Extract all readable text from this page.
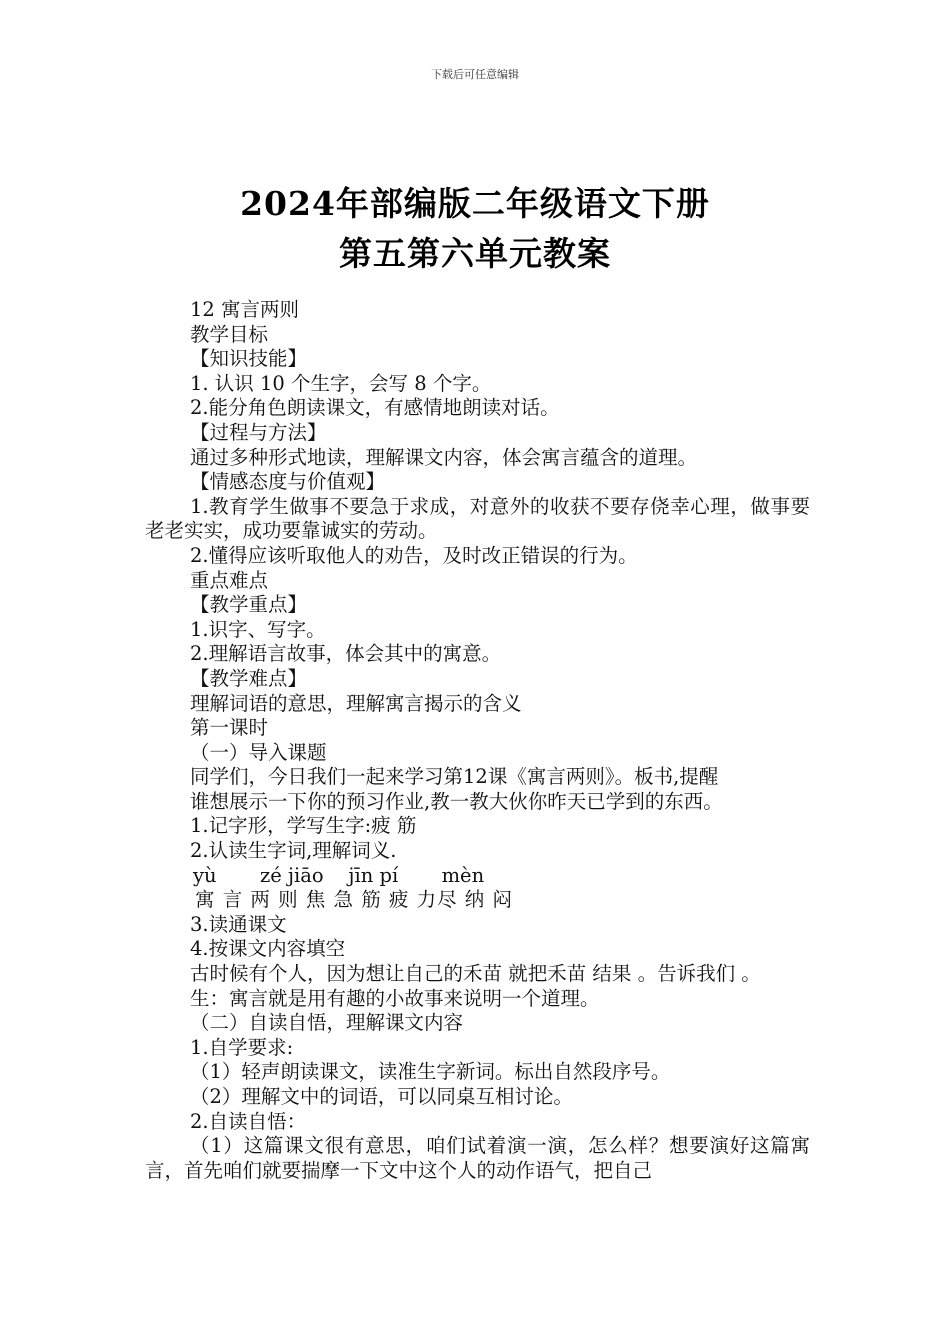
下载后可任意编辑
2024年部编版二年级语文下册
第五第六单元教案
12 寓言两则
教学目标
【知识技能】
1. 认识 10 个生字，会写 8 个字。
2.能分角色朗读课文，有感情地朗读对话。
【过程与方法】
通过多种形式地读，理解课文内容，体会寓言蕴含的道理。
【情感态度与价值观】
1.教育学生做事不要急于求成，对意外的收获不要存侥幸心理，做事要老老实实，成功要靠诚实的劳动。
2.懂得应该听取他人的劝告，及时改正错误的行为。
重点难点
【教学重点】
1.识字、写字。
2.理解语言故事，体会其中的寓意。
【教学难点】
理解词语的意思，理解寓言揭示的含义
第一课时
（一）导入课题
同学们，今日我们一起来学习第12课《寓言两则》。板书,提醒
谁想展示一下你的预习作业,教一教大伙你昨天已学到的东西。
1.记字形，学写生字:疲 筋
2.认读生字词,理解词义.
yù       zé jiāo    jīn pí       mèn
寓 言 两 则 焦 急 筋 疲 力尽 纳 闷
3.读通课文
4.按课文内容填空
古时候有个人，因为想让自己的禾苗 就把禾苗 结果 。告诉我们 。
生：寓言就是用有趣的小故事来说明一个道理。
（二）自读自悟，理解课文内容
1.自学要求:
（1）轻声朗读课文，读准生字新词。标出自然段序号。
（2）理解文中的词语，可以同桌互相讨论。
2.自读自悟：
（1）这篇课文很有意思，咱们试着演一演，怎么样？想要演好这篇寓言，首先咱们就要揣摩一下文中这个人的动作语气，把自己
